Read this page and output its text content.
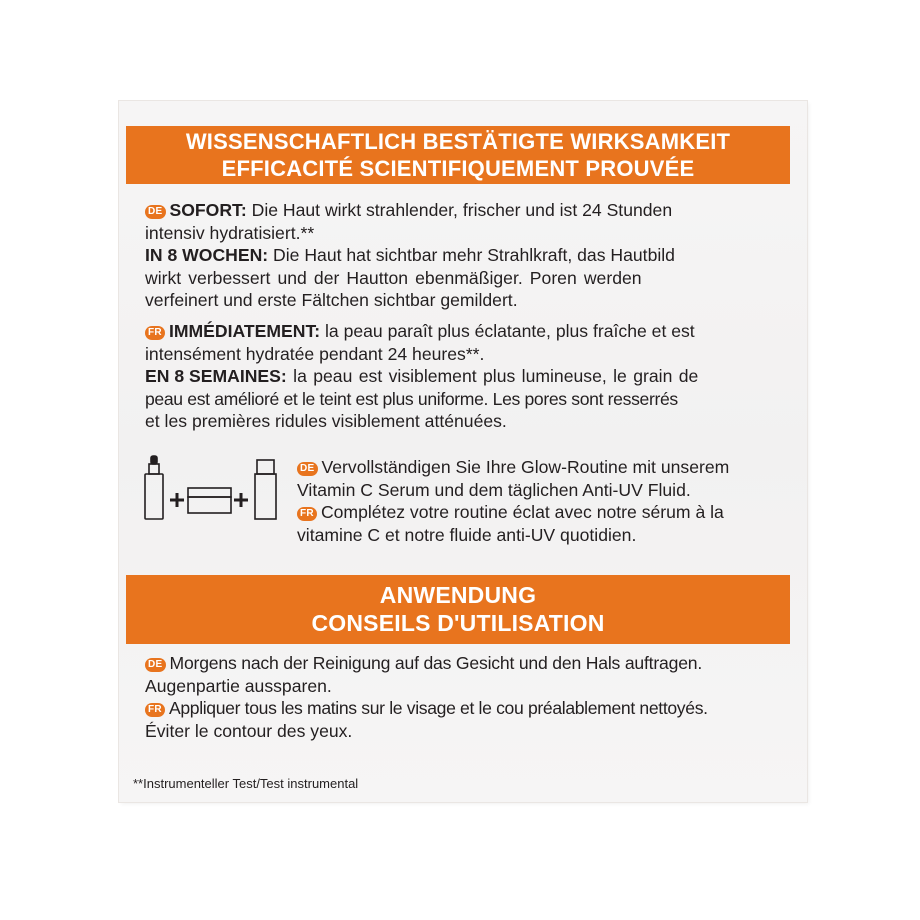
WISSENSCHAFTLICH BESTÄTIGTE WIRKSAMKEIT
EFFICACITÉ SCIENTIFIQUEMENT PROUVÉE
DE SOFORT: Die Haut wirkt strahlender, frischer und ist 24 Stunden
intensiv hydratisiert.**
IN 8 WOCHEN: Die Haut hat sichtbar mehr Strahlkraft, das Hautbild
wirkt verbessert und der Hautton ebenmäßiger. Poren werden
verfeinert und erste Fältchen sichtbar gemildert.
FR IMMÉDIATEMENT: la peau paraît plus éclatante, plus fraîche et est
intensément hydratée pendant 24 heures**.
EN 8 SEMAINES: la peau est visiblement plus lumineuse, le grain de
peau est amélioré et le teint est plus uniforme. Les pores sont resserrés
et les premières ridules visiblement atténuées.
DE Vervollständigen Sie Ihre Glow-Routine mit unserem
Vitamin C Serum und dem täglichen Anti-UV Fluid.
FR Complétez votre routine éclat avec notre sérum à la
vitamine C et notre fluide anti-UV quotidien.
ANWENDUNG
CONSEILS D'UTILISATION
DE Morgens nach der Reinigung auf das Gesicht und den Hals auftragen.
Augenpartie aussparen.
FR Appliquer tous les matins sur le visage et le cou préalablement nettoyés.
Éviter le contour des yeux.
**Instrumenteller Test/Test instrumental
